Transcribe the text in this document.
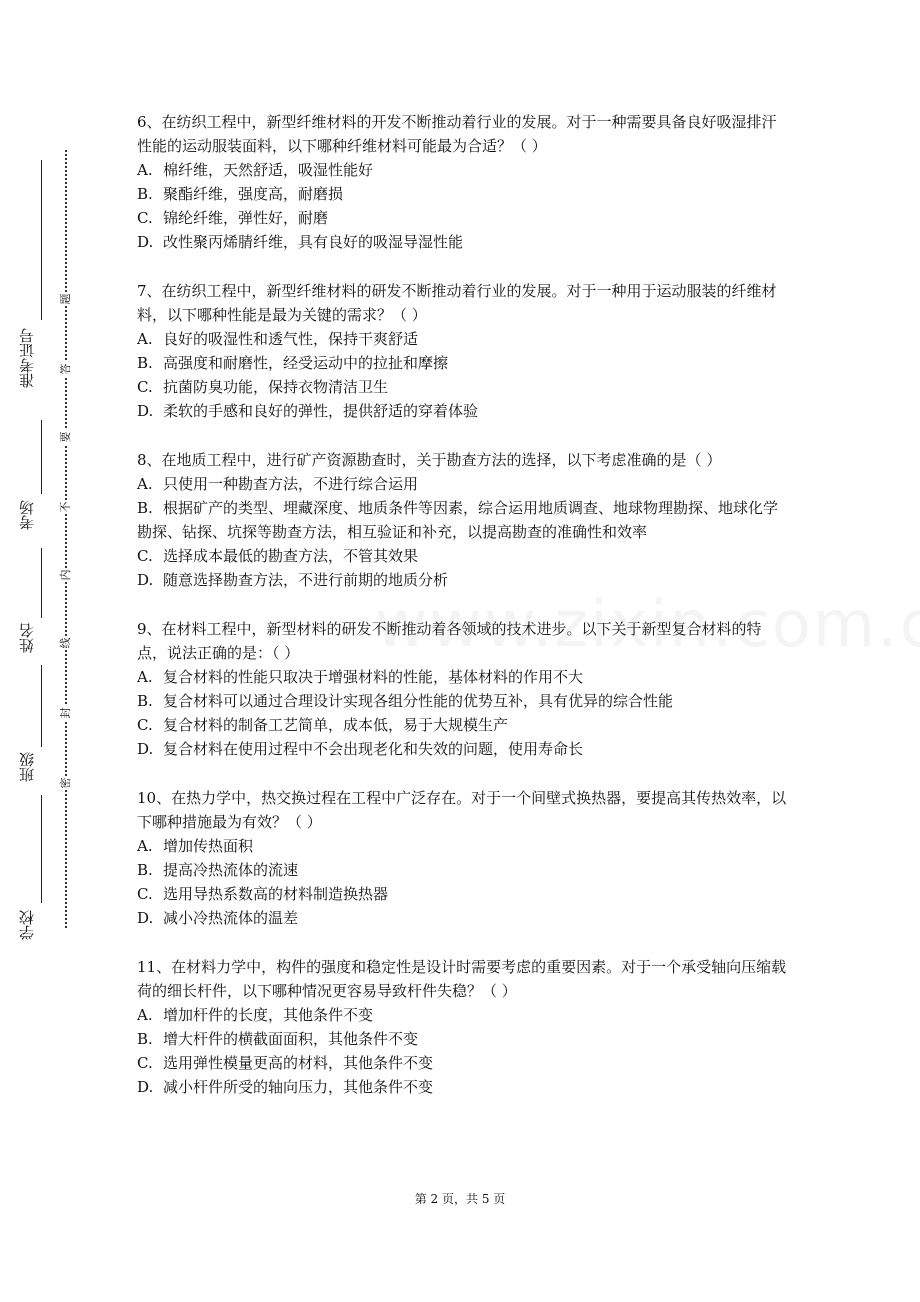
准考证号
考场
姓名
班级
学校
密
封
线
内
不
要
答
题

6、在纺织工程中，新型纤维材料的开发不断推动着行业的发展。对于一种需要具备良好吸湿排汗性能的运动服装面料，以下哪种纤维材料可能最为合适？（ ）

A. 棉纤维，天然舒适，吸湿性能好

B. 聚酯纤维，强度高，耐磨损

C. 锦纶纤维，弹性好，耐磨

D. 改性聚丙烯腈纤维，具有良好的吸湿导湿性能

7、在纺织工程中，新型纤维材料的研发不断推动着行业的发展。对于一种用于运动服装的纤维材料，以下哪种性能是最为关键的需求？（ ）

A. 良好的吸湿性和透气性，保持干爽舒适

B. 高强度和耐磨性，经受运动中的拉扯和摩擦

C. 抗菌防臭功能，保持衣物清洁卫生

D. 柔软的手感和良好的弹性，提供舒适的穿着体验

8、在地质工程中，进行矿产资源勘查时，关于勘查方法的选择，以下考虑准确的是（ ）

A. 只使用一种勘查方法，不进行综合运用

B. 根据矿产的类型、埋藏深度、地质条件等因素，综合运用地质调查、地球物理勘探、地球化学勘探、钻探、坑探等勘查方法，相互验证和补充，以提高勘查的准确性和效率

C. 选择成本最低的勘查方法，不管其效果

D. 随意选择勘查方法，不进行前期的地质分析

9、在材料工程中，新型材料的研发不断推动着各领域的技术进步。以下关于新型复合材料的特点，说法正确的是：（ ）

A. 复合材料的性能只取决于增强材料的性能，基体材料的作用不大

B. 复合材料可以通过合理设计实现各组分性能的优势互补，具有优异的综合性能

C. 复合材料的制备工艺简单，成本低，易于大规模生产

D. 复合材料在使用过程中不会出现老化和失效的问题，使用寿命长

10、在热力学中，热交换过程在工程中广泛存在。对于一个间壁式换热器，要提高其传热效率，以下哪种措施最为有效？（ ）

A. 增加传热面积

B. 提高冷热流体的流速

C. 选用导热系数高的材料制造换热器

D. 减小冷热流体的温差

11、在材料力学中，构件的强度和稳定性是设计时需要考虑的重要因素。对于一个承受轴向压缩载荷的细长杆件，以下哪种情况更容易导致杆件失稳？（ ）

A. 增加杆件的长度，其他条件不变

B. 增大杆件的横截面面积，其他条件不变

C. 选用弹性模量更高的材料，其他条件不变

D. 减小杆件所受的轴向压力，其他条件不变

第 2 页，共 5 页
